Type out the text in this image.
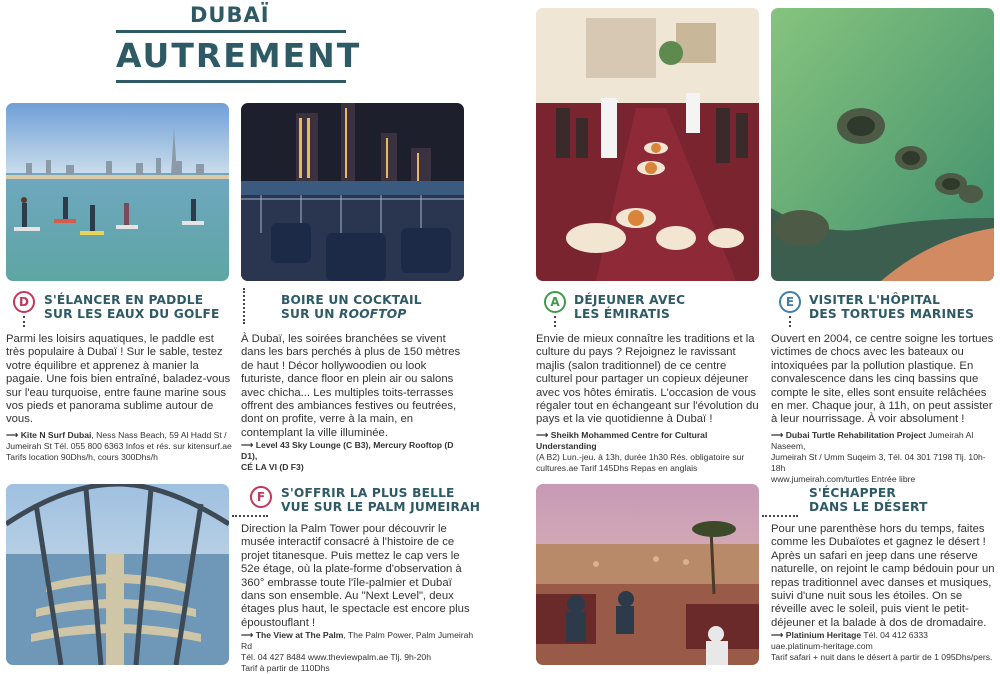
DUBAÏ
AUTREMENT
D	S'ÉLANCER EN PADDLE
SUR LES EAUX DU GOLFE
Parmi les loisirs aquatiques, le paddle est très populaire à Dubaï ! Sur le sable, testez votre équilibre et apprenez à manier la pagaie. Une fois bien entraîné, baladez-vous sur l'eau turquoise, entre faune marine sous vos pieds et panorama sublime autour de vous.
⟶ Kite N Surf Dubai, Ness Nass Beach, 59 Al Hadd St /
Jumeirah St Tél. 055 800 6363 Infos et rés. sur kitensurf.ae
Tarifs location 90Dhs/h, cours 300Dhs/h
BOIRE UN COCKTAIL
SUR UN ROOFTOP
À Dubaï, les soirées branchées se vivent dans les bars perchés à plus de 150 mètres de haut ! Décor hollywoodien ou look futuriste, dance floor en plein air ou salons avec chicha... Les multiples toits-terrasses offrent des ambiances festives ou feutrées, dont on profite, verre à la main, en contemplant la ville illuminée.
⟶ Level 43 Sky Lounge (C B3), Mercury Rooftop (D D1),
CÉ LA VI (D F3)
A	DÉJEUNER AVEC
LES ÉMIRATIS
Envie de mieux connaître les traditions et la culture du pays ? Rejoignez le ravissant majlis (salon traditionnel) de ce centre culturel pour partager un copieux déjeuner avec vos hôtes émiratis. L'occasion de vous régaler tout en échangeant sur l'évolution du pays et la vie quotidienne à Dubaï !
⟶ Sheikh Mohammed Centre for Cultural Understanding
(A B2) Lun.-jeu. à 13h, durée 1h30 Rés. obligatoire sur
cultures.ae Tarif 145Dhs Repas en anglais
E	VISITER L'HÔPITAL
DES TORTUES MARINES
Ouvert en 2004, ce centre soigne les tortues victimes de chocs avec les bateaux ou intoxiquées par la pollution plastique. En convalescence dans les cinq bassins que compte le site, elles sont ensuite relâchées en mer. Chaque jour, à 11h, on peut assister à leur nourrissage. À voir absolument !
⟶ Dubai Turtle Rehabilitation Project Jumeirah Al Naseem,
Jumeirah St / Umm Suqeim 3, Tél. 04 301 7198 Tlj. 10h-18h
www.jumeirah.com/turtles Entrée libre
F	S'OFFRIR LA PLUS BELLE
VUE SUR LE PALM JUMEIRAH
Direction la Palm Tower pour découvrir le musée interactif consacré à l'histoire de ce projet titanesque. Puis mettez le cap vers le 52e étage, où la plate-forme d'observation à 360° embrasse toute l'île-palmier et Dubaï dans son ensemble. Au "Next Level", deux étages plus haut, le spectacle est encore plus époustouflant !
⟶ The View at The Palm, The Palm Power, Palm Jumeirah Rd
Tél. 04 427 8484 www.theviewpalm.ae Tlj. 9h-20h
Tarif à partir de 110Dhs
S'ÉCHAPPER
DANS LE DÉSERT
Pour une parenthèse hors du temps, faites comme les Dubaïotes et gagnez le désert ! Après un safari en jeep dans une réserve naturelle, on rejoint le camp bédouin pour un repas traditionnel avec danses et musiques, suivi d'une nuit sous les étoiles. On se réveille avec le soleil, puis vient le petit-déjeuner et la balade à dos de dromadaire.
⟶ Platinium Heritage Tél. 04 412 6333
uae.platinum-heritage.com
Tarif safari + nuit dans le désert à partir de 1 095Dhs/pers.
